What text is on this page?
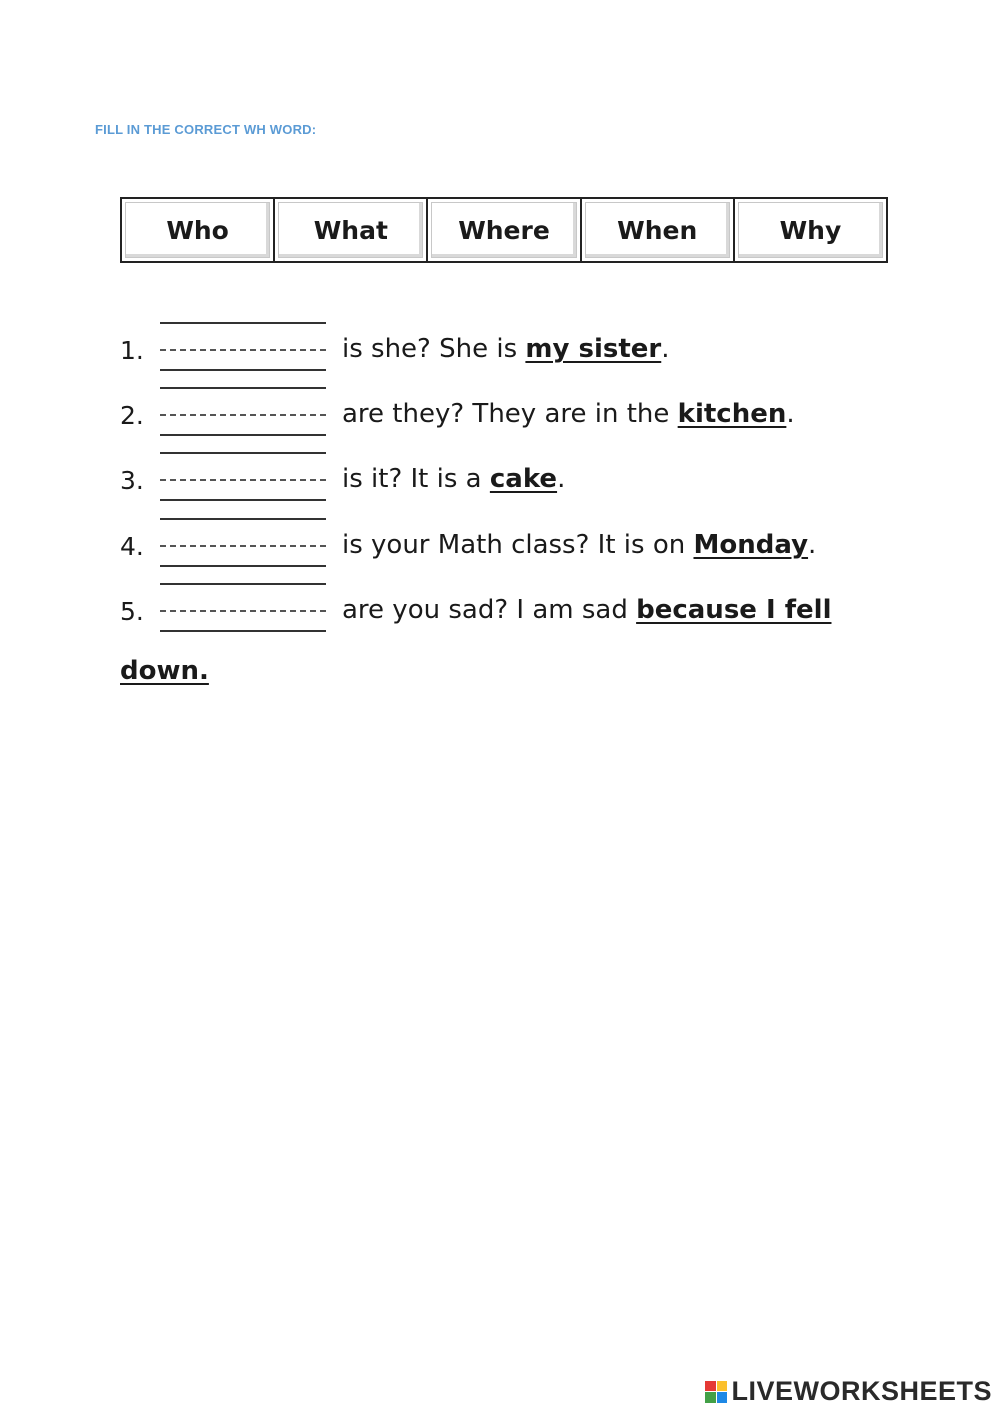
FILL IN THE CORRECT WH WORD:
Who	What	Where	When	Why
1.	is she? She is my sister.
2.	are they? They are in the kitchen.
3.	is it? It is a cake.
4.	is your Math class? It is on Monday.
5.	are you sad? I am sad because I fell
down.
LIVEWORKSHEETS
